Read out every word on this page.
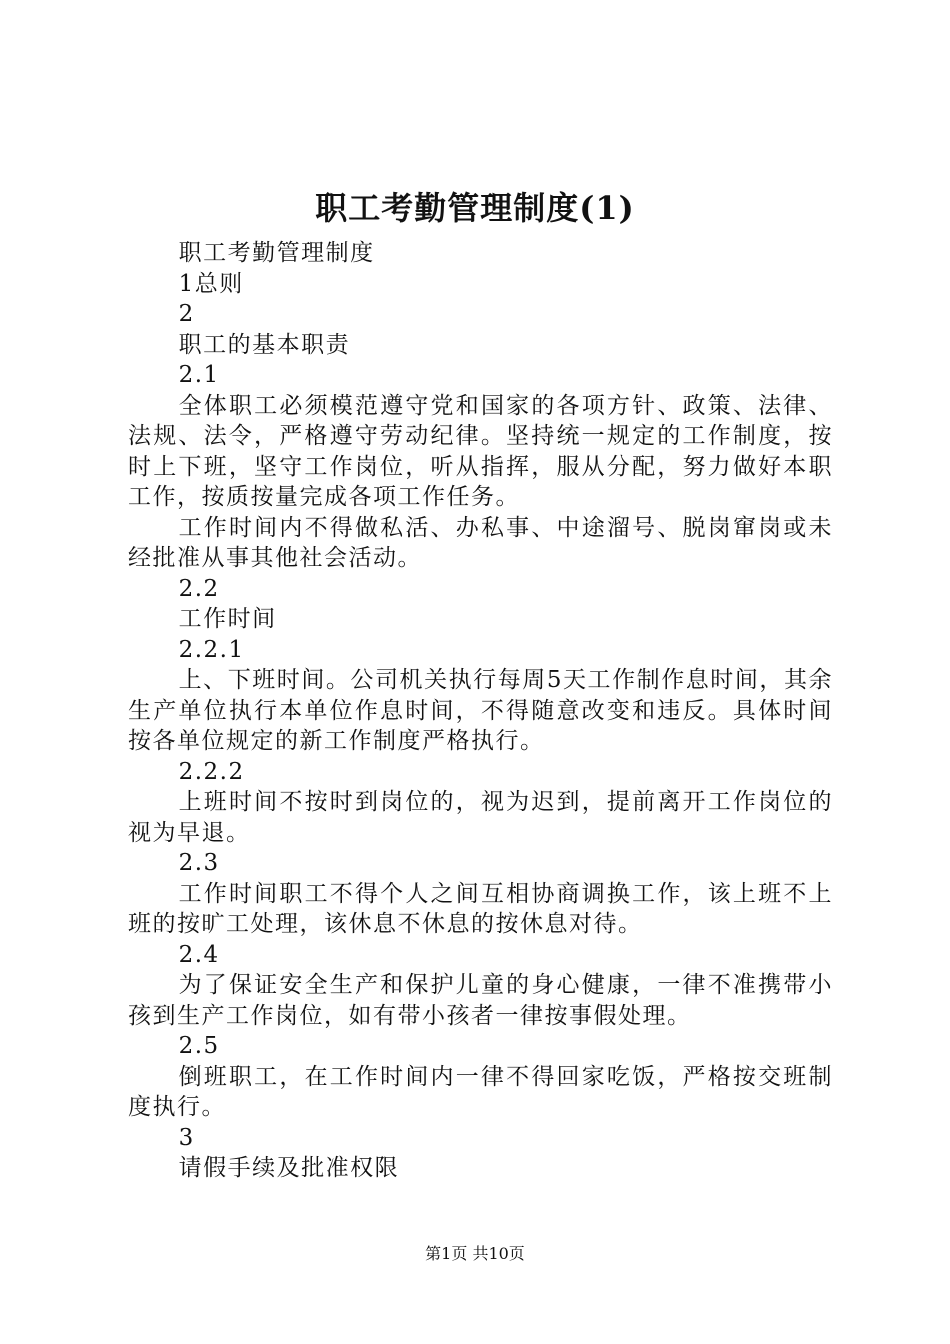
职工考勤管理制度(1)

职工考勤管理制度

1总则

2

职工的基本职责

2.1

全体职工必须模范遵守党和国家的各项方针、政策、法律、法规、法令，严格遵守劳动纪律。坚持统一规定的工作制度，按时上下班，坚守工作岗位，听从指挥，服从分配，努力做好本职工作，按质按量完成各项工作任务。

工作时间内不得做私活、办私事、中途溜号、脱岗窜岗或未经批准从事其他社会活动。

2.2

工作时间

2.2.1

上、下班时间。公司机关执行每周5天工作制作息时间，其余生产单位执行本单位作息时间，不得随意改变和违反。具体时间按各单位规定的新工作制度严格执行。

2.2.2

上班时间不按时到岗位的，视为迟到，提前离开工作岗位的视为早退。

2.3

工作时间职工不得个人之间互相协商调换工作，该上班不上班的按旷工处理，该休息不休息的按休息对待。

2.4

为了保证安全生产和保护儿童的身心健康，一律不准携带小孩到生产工作岗位，如有带小孩者一律按事假处理。

2.5

倒班职工，在工作时间内一律不得回家吃饭，严格按交班制度执行。

3

请假手续及批准权限

第1页 共10页
